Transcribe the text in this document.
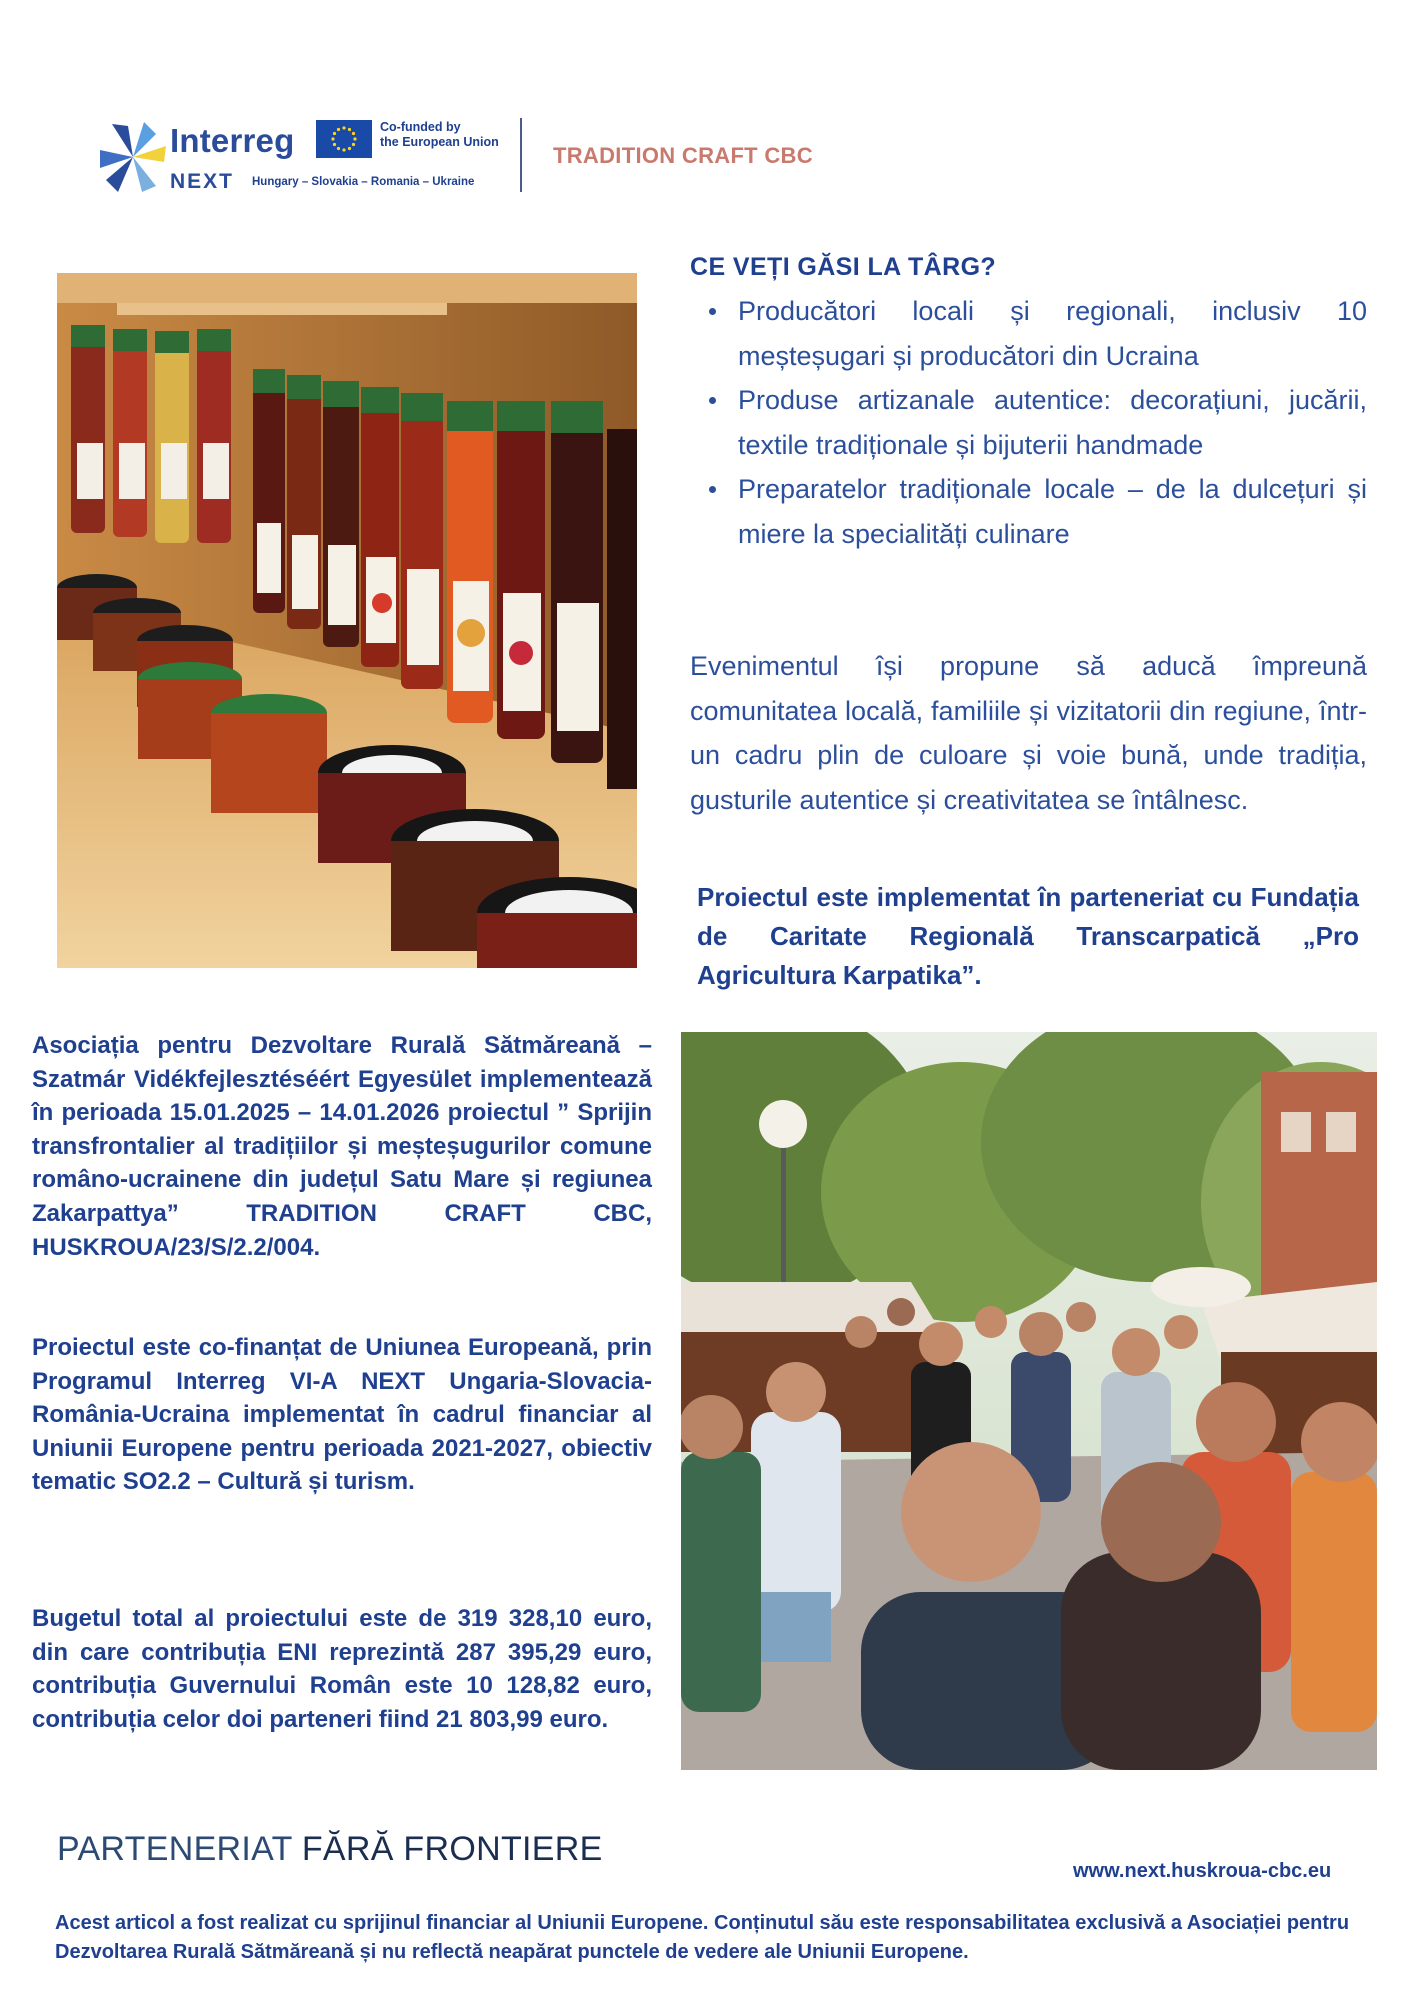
Interreg	Co-funded by
the European Union
NEXT Hungary – Slovakia – Romania – Ukraine
TRADITION CRAFT CBC
CE VEȚI GĂSI LA TÂRG?
Producători locali și regionali, inclusiv 10 meșteșugari și producători din Ucraina
Produse artizanale autentice: decorațiuni, jucării, textile tradiționale și bijuterii handmade
Preparatelor tradiționale locale – de la dulcețuri și miere la specialități culinare

Evenimentul își propune să aducă împreună comunitatea locală, familiile și vizitatorii din regiune, într-un cadru plin de culoare și voie bună, unde tradiția, gusturile autentice și creativitatea se întâlnesc.

Proiectul este implementat în parteneriat cu Fundația de Caritate Regională Transcarpatică „Pro Agricultura Karpatika”.

Asociația pentru Dezvoltare Rurală Sătmăreană – Szatmár Vidékfejlesztéséért Egyesület implementează în perioada 15.01.2025 – 14.01.2026 proiectul ” Sprijin transfrontalier al tradițiilor și meșteșugurilor comune româno-ucrainene din județul Satu Mare și regiunea Zakarpattya” TRADITION CRAFT CBC, HUSKROUA/23/S/2.2/004.

Proiectul este co-finanțat de Uniunea Europeană, prin Programul Interreg VI-A NEXT Ungaria-Slovacia-România-Ucraina implementat în cadrul financiar al Uniunii Europene pentru perioada 2021-2027, obiectiv tematic SO2.2 – Cultură și turism.

Bugetul total al proiectului este de 319 328,10 euro, din care contribuția ENI reprezintă 287 395,29 euro, contribuția Guvernului Român este 10 128,82 euro, contribuția celor doi parteneri fiind 21 803,99 euro.

PARTENERIAT FĂRĂ FRONTIERE
www.next.huskroua-cbc.eu

Acest articol a fost realizat cu sprijinul financiar al Uniunii Europene. Conținutul său este responsabilitatea exclusivă a Asociației pentru Dezvoltarea Rurală Sătmăreană și nu reflectă neapărat punctele de vedere ale Uniunii Europene.
